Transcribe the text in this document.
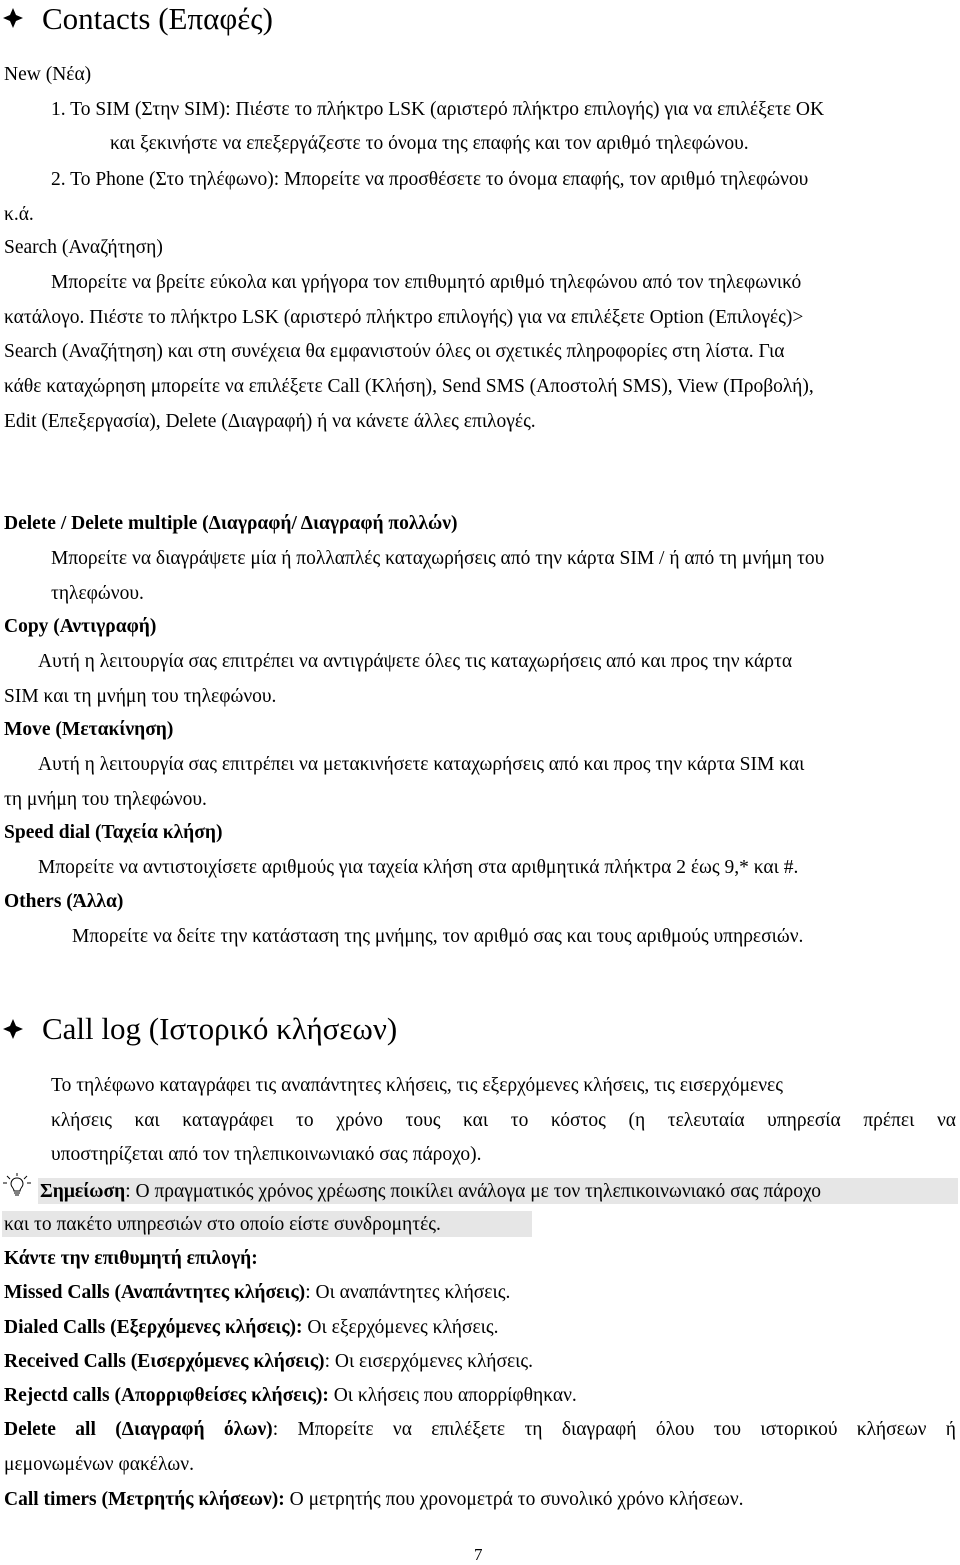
Contacts (Επαφές)
New (Νέα)
1. To SIM (Στην SIM): Πιέστε το πλήκτρο LSK (αριστερό πλήκτρο επιλογής) για να επιλέξετε OK
και ξεκινήστε να επεξεργάζεστε το όνομα της επαφής και τον αριθμό τηλεφώνου.
2. To Phone (Στο τηλέφωνο): Μπορείτε να προσθέσετε το όνομα επαφής, τον αριθμό τηλεφώνου
κ.ά.
Search (Αναζήτηση)
Μπορείτε να βρείτε εύκολα και γρήγορα τον επιθυμητό αριθμό τηλεφώνου από τον τηλεφωνικό
κατάλογο. Πιέστε το πλήκτρο LSK (αριστερό πλήκτρο επιλογής) για να επιλέξετε Option (Επιλογές)>
Search (Αναζήτηση) και στη συνέχεια θα εμφανιστούν όλες οι σχετικές πληροφορίες στη λίστα. Για
κάθε καταχώρηση μπορείτε να επιλέξετε Call (Κλήση), Send SMS (Αποστολή SMS), View (Προβολή),
Edit (Επεξεργασία), Delete (Διαγραφή) ή να κάνετε άλλες επιλογές.
Delete / Delete multiple (Διαγραφή/ Διαγραφή πολλών)
Μπορείτε να διαγράψετε μία ή πολλαπλές καταχωρήσεις από την κάρτα SIM / ή από τη μνήμη του
τηλεφώνου.
Copy (Αντιγραφή)
Αυτή η λειτουργία σας επιτρέπει να αντιγράψετε όλες τις καταχωρήσεις από και προς την κάρτα
SIM και τη μνήμη του τηλεφώνου.
Move (Μετακίνηση)
Αυτή η λειτουργία σας επιτρέπει να μετακινήσετε καταχωρήσεις από και προς την κάρτα SIM και
τη μνήμη του τηλεφώνου.
Speed dial (Ταχεία κλήση)
Μπορείτε να αντιστοιχίσετε αριθμούς για ταχεία κλήση στα αριθμητικά πλήκτρα 2 έως 9,* και #.
Others (Άλλα)
Μπορείτε να δείτε την κατάσταση της μνήμης, τον αριθμό σας και τους αριθμούς υπηρεσιών.
Call log (Ιστορικό κλήσεων)
Το τηλέφωνο καταγράφει τις αναπάντητες κλήσεις, τις εξερχόμενες κλήσεις, τις εισερχόμενες
κλήσεις και καταγράφει το χρόνο τους και το κόστος (η τελευταία υπηρεσία πρέπει να
υποστηρίζεται από τον τηλεπικοινωνιακό σας πάροχο).
Σημείωση: Ο πραγματικός χρόνος χρέωσης ποικίλει ανάλογα με τον τηλεπικοινωνιακό σας πάροχο
και το πακέτο υπηρεσιών στο οποίο είστε συνδρομητές.
Κάντε την επιθυμητή επιλογή:
Missed Calls (Αναπάντητες κλήσεις): Οι αναπάντητες κλήσεις.
Dialed Calls (Εξερχόμενες κλήσεις): Οι εξερχόμενες κλήσεις.
Received Calls (Εισερχόμενες κλήσεις): Οι εισερχόμενες κλήσεις.
Rejectd calls (Απορριφθείσες κλήσεις): Οι κλήσεις που απορρίφθηκαν.
Delete all (Διαγραφή όλων): Μπορείτε να επιλέξετε τη διαγραφή όλου του ιστορικού κλήσεων ή
μεμονωμένων φακέλων.
Call timers (Μετρητής κλήσεων): Ο μετρητής που χρονομετρά το συνολικό χρόνο κλήσεων.
7
